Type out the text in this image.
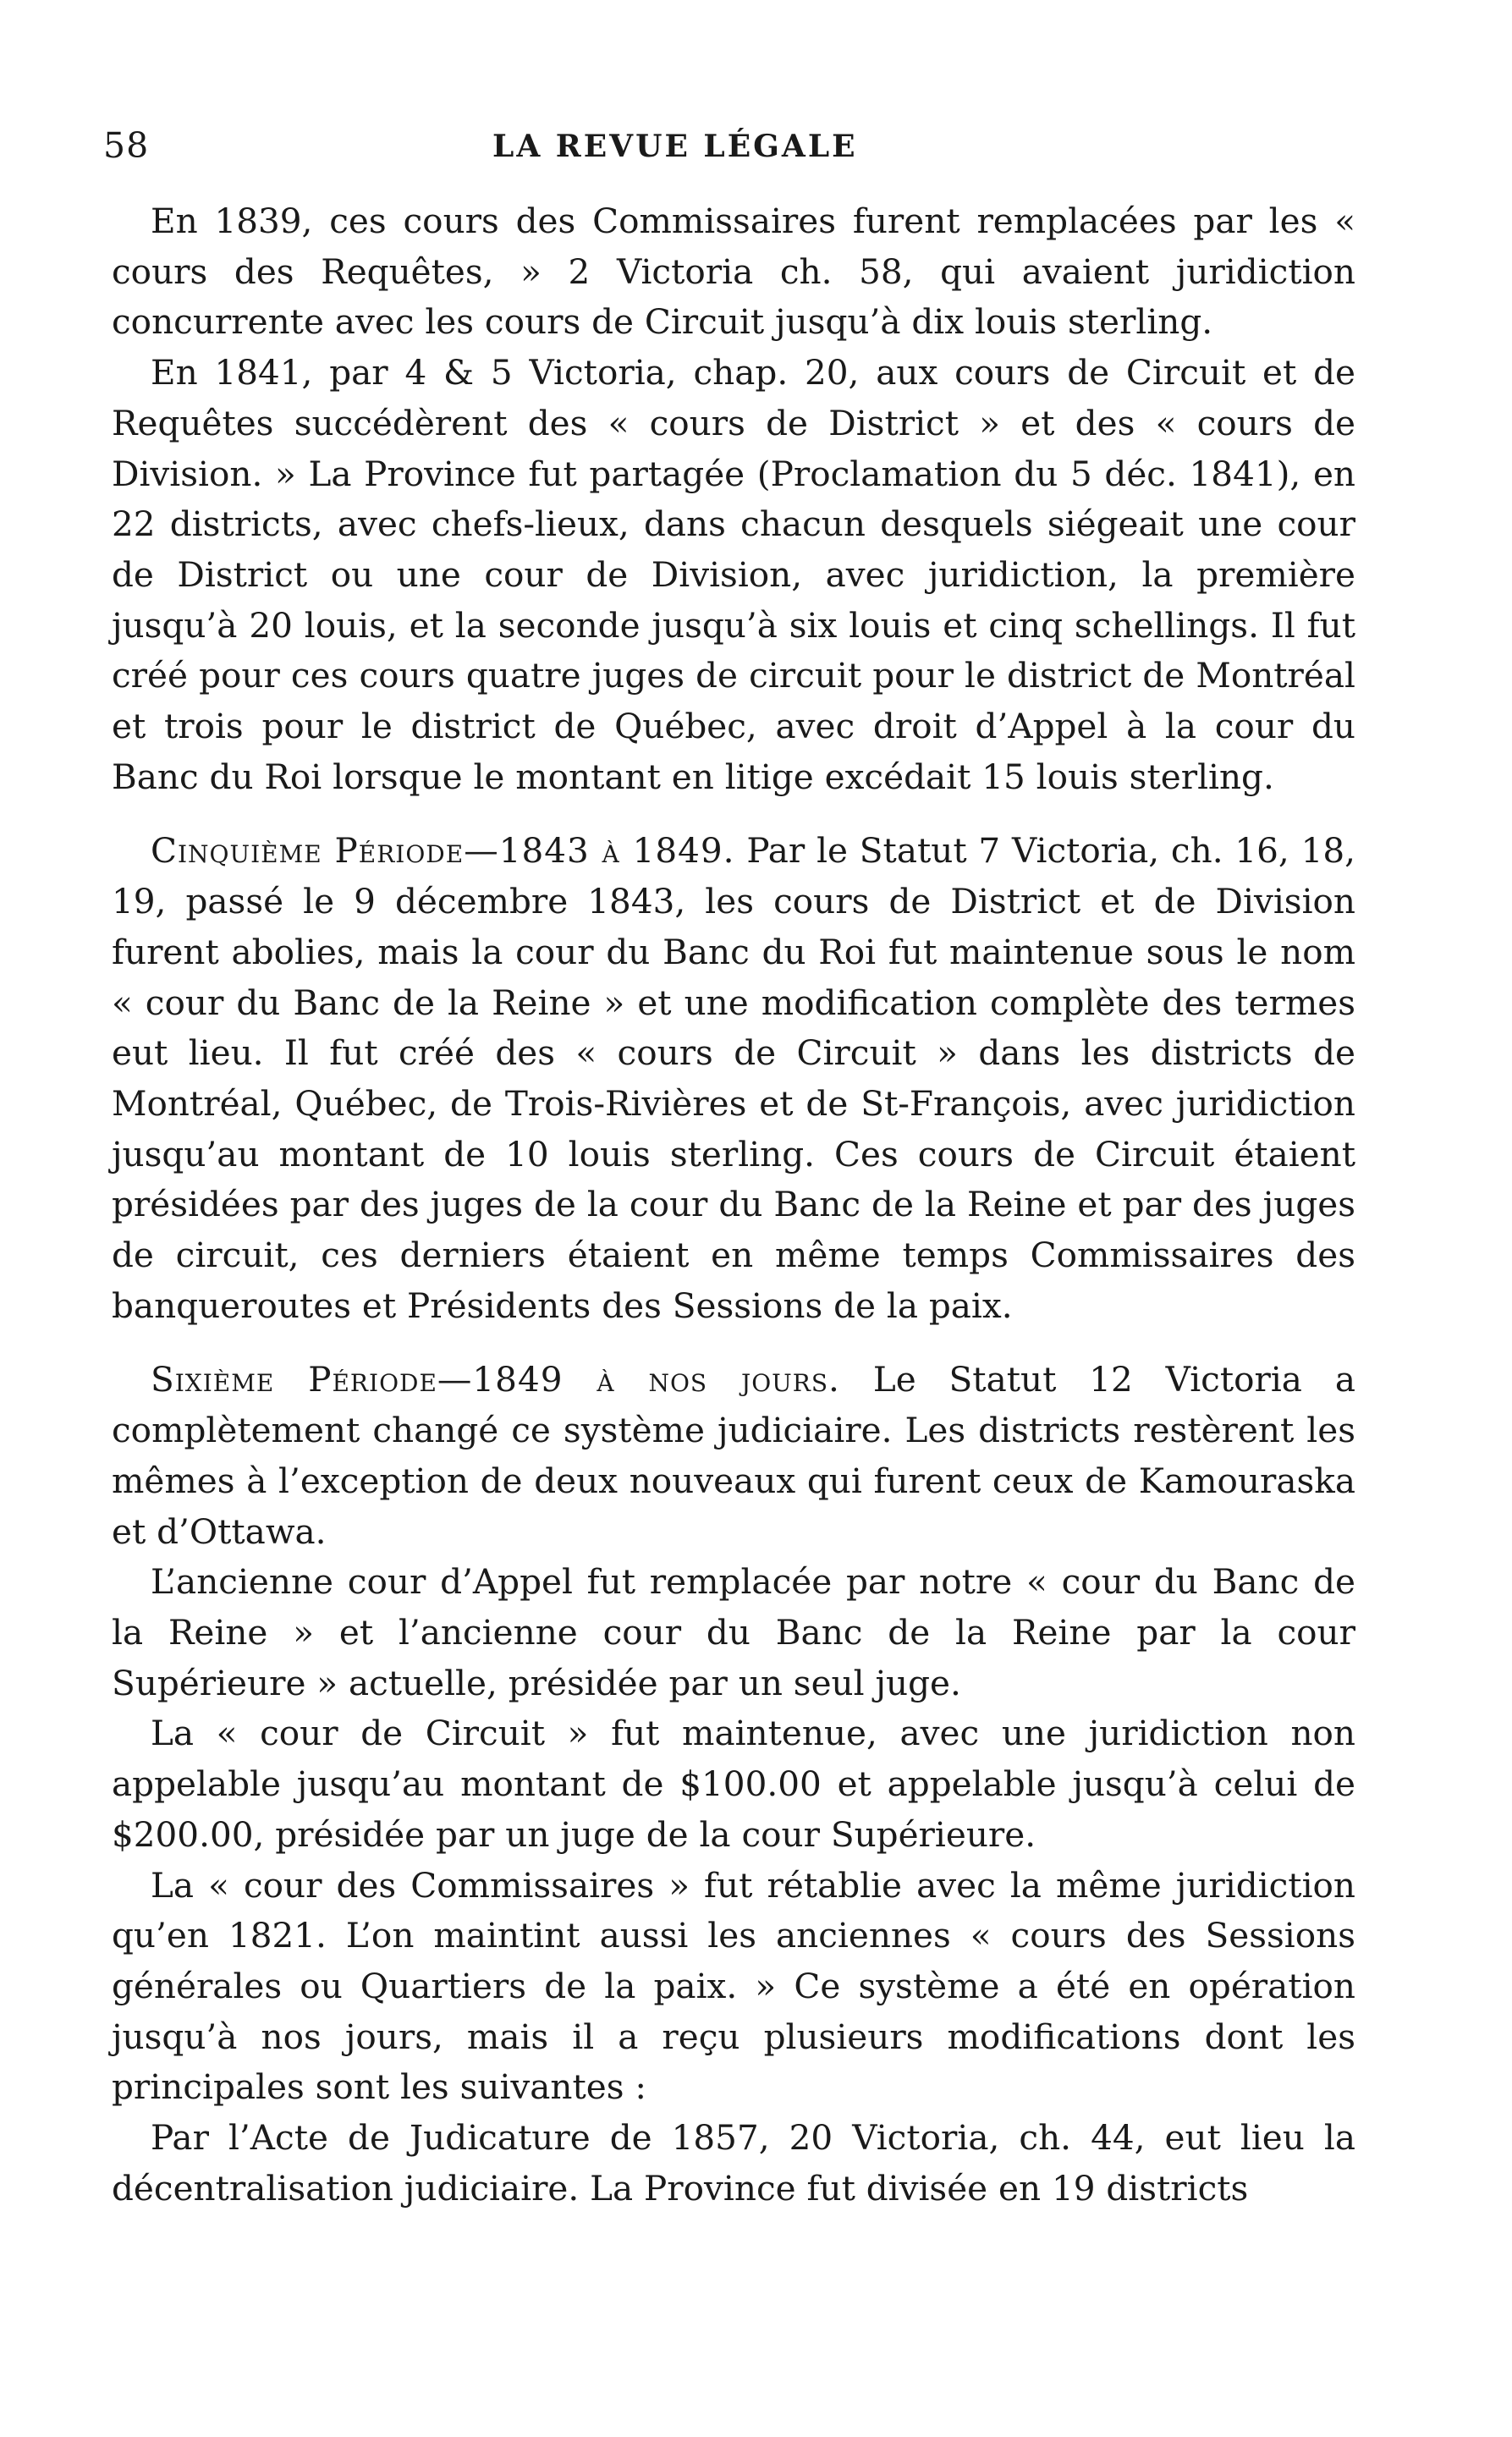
58	LA REVUE LÉGALE

En 1839, ces cours des Commissaires furent remplacées par les « cours des Requêtes, » 2 Victoria ch. 58, qui avaient juridiction concurrente avec les cours de Circuit jusqu’à dix louis sterling.

En 1841, par 4 & 5 Victoria, chap. 20, aux cours de Circuit et de Requêtes succédèrent des « cours de District » et des « cours de Division. » La Province fut partagée (Proclamation du 5 déc. 1841), en 22 districts, avec chefs-lieux, dans chacun desquels siégeait une cour de District ou une cour de Division, avec juridiction, la première jusqu’à 20 louis, et la seconde jusqu’à six louis et cinq schellings. Il fut créé pour ces cours quatre juges de circuit pour le district de Montréal et trois pour le district de Québec, avec droit d’Appel à la cour du Banc du Roi lorsque le montant en litige excédait 15 louis sterling.

Cinquième Période—1843 à 1849. Par le Statut 7 Victoria, ch. 16, 18, 19, passé le 9 décembre 1843, les cours de District et de Division furent abolies, mais la cour du Banc du Roi fut maintenue sous le nom « cour du Banc de la Reine » et une modification complète des termes eut lieu. Il fut créé des « cours de Circuit » dans les districts de Montréal, Québec, de Trois-Rivières et de St-François, avec juridiction jusqu’au montant de 10 louis sterling. Ces cours de Circuit étaient présidées par des juges de la cour du Banc de la Reine et par des juges de circuit, ces derniers étaient en même temps Commissaires des banqueroutes et Présidents des Sessions de la paix.

Sixième Période—1849 à nos jours. Le Statut 12 Victoria a complètement changé ce système judiciaire. Les districts restèrent les mêmes à l’exception de deux nouveaux qui furent ceux de Kamouraska et d’Ottawa.

L’ancienne cour d’Appel fut remplacée par notre « cour du Banc de la Reine » et l’ancienne cour du Banc de la Reine par la cour Supérieure » actuelle, présidée par un seul juge.

La « cour de Circuit » fut maintenue, avec une juridiction non appelable jusqu’au montant de $100.00 et appelable jusqu’à celui de $200.00, présidée par un juge de la cour Supérieure.

La « cour des Commissaires » fut rétablie avec la même juridiction qu’en 1821. L’on maintint aussi les anciennes « cours des Sessions générales ou Quartiers de la paix. » Ce système a été en opération jusqu’à nos jours, mais il a reçu plusieurs modifications dont les principales sont les suivantes :

Par l’Acte de Judicature de 1857, 20 Victoria, ch. 44, eut lieu la décentralisation judiciaire. La Province fut divisée en 19 districts
